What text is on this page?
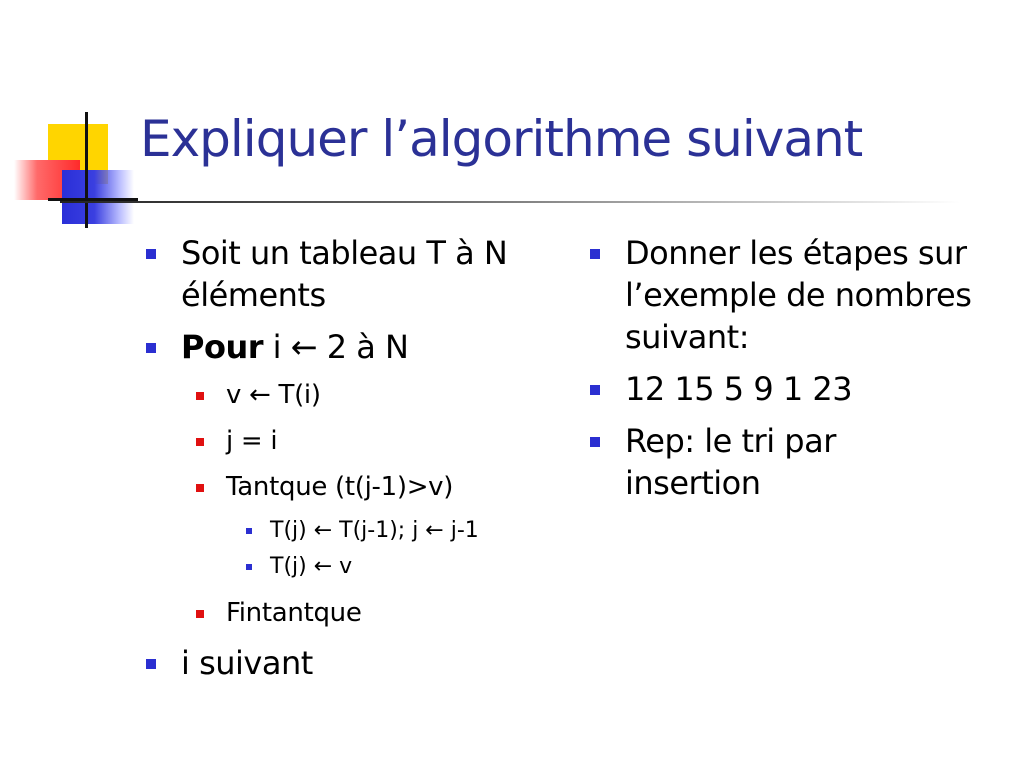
Expliquer l’algorithme suivant
Soit un tableau T à N éléments
Pour i ← 2 à N
v ← T(i)
j = i
Tantque (t(j-1)>v)
T(j) ← T(j-1); j ← j-1
T(j) ← v
Fintantque
i suivant
Donner les étapes sur l’exemple de nombres suivant:
12 15 5 9 1 23
Rep: le tri par insertion
